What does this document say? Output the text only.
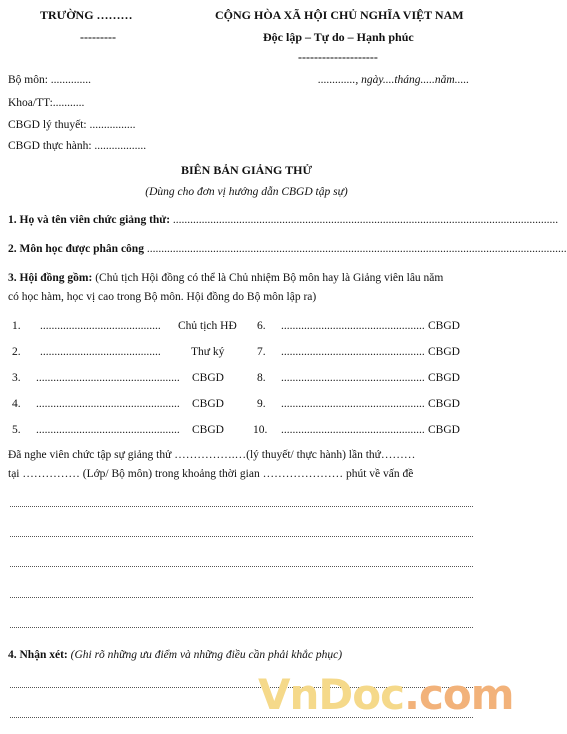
TRƯỜNG ………
---------
CỘNG HÒA XÃ HỘI CHỦ NGHĨA VIỆT NAM
Độc lập – Tự do – Hạnh phúc
--------------------
Bộ môn: ..............	............., ngày....tháng.....năm.....
Khoa/TT:...........
CBGD lý thuyết: ................
CBGD thực hành: ..................
BIÊN BẢN GIẢNG THỬ
(Dùng cho đơn vị hướng dẫn CBGD tập sự)
1. Họ và tên viên chức giảng thử: ......................................................................................................................................
2. Môn học được phân công ..................................................................................................................................................
3. Hội đồng gồm: (Chủ tịch Hội đồng có thể là Chủ nhiệm Bộ môn hay là Giảng viên lâu năm
có học hàm, học vị cao trong Bộ môn. Hội đồng do Bộ môn lập ra)
1. .......................................... Chủ tịch HĐ
2. ..........................................	Thư ký
3. .................................................. CBGD
4. .................................................. CBGD
5. .................................................. CBGD
6. .................................................. CBGD
7. .................................................. CBGD
8. .................................................. CBGD
9. .................................................. CBGD
10. .................................................. CBGD
Đã nghe viên chức tập sự giảng thử …………….…(lý thuyết/ thực hành) lần thứ………
tại …………… (Lớp/ Bộ môn) trong khoảng thời gian ………………… phút về vấn đề
4. Nhận xét: (Ghi rõ những ưu điểm và những điều cần phải khắc phục)
VnDoc.com
